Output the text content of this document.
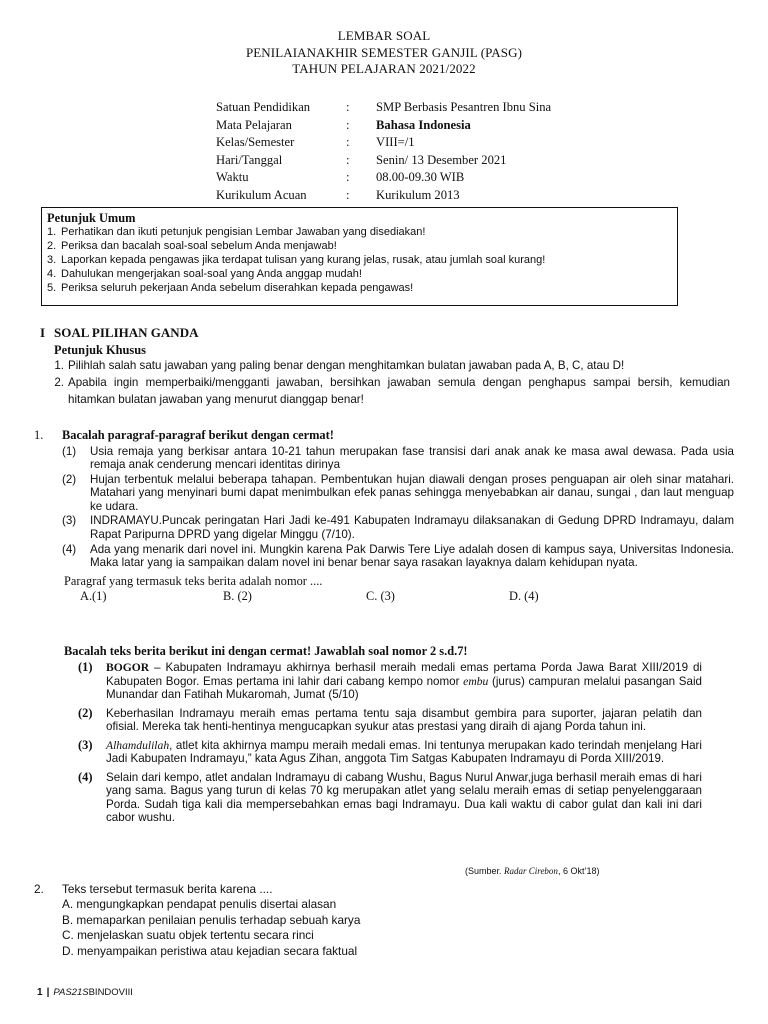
LEMBAR SOAL
PENILAIANAKHIR SEMESTER GANJIL (PASG)
TAHUN PELAJARAN 2021/2022
Satuan Pendidikan	:	SMP Berbasis Pesantren Ibnu Sina
Mata Pelajaran	:	Bahasa Indonesia
Kelas/Semester	:	VIII=/1
Hari/Tanggal	:	Senin/ 13 Desember 2021
Waktu	:	08.00-09.30 WIB
Kurikulum Acuan	:	Kurikulum 2013
Petunjuk Umum
1. Perhatikan dan ikuti petunjuk pengisian Lembar Jawaban yang disediakan!
2. Periksa dan bacalah soal-soal sebelum Anda menjawab!
3. Laporkan kepada pengawas jika terdapat tulisan yang kurang jelas, rusak, atau jumlah soal kurang!
4. Dahulukan mengerjakan soal-soal yang Anda anggap mudah!
5. Periksa seluruh pekerjaan Anda sebelum diserahkan kepada pengawas!
I SOAL PILIHAN GANDA
Petunjuk Khusus
1. Pilihlah salah satu jawaban yang paling benar dengan menghitamkan bulatan jawaban pada A, B, C, atau D!
2. Apabila ingin memperbaiki/mengganti jawaban, bersihkan jawaban semula dengan penghapus sampai bersih, kemudian hitamkan bulatan jawaban yang menurut dianggap benar!
1.	Bacalah paragraf-paragraf berikut dengan cermat!
(1)	Usia remaja yang berkisar antara 10-21 tahun merupakan fase transisi dari anak anak ke masa awal dewasa. Pada usia remaja anak cenderung mencari identitas dirinya
(2)	Hujan terbentuk melalui beberapa tahapan. Pembentukan hujan diawali dengan proses penguapan air oleh sinar matahari. Matahari yang menyinari bumi dapat menimbulkan efek panas sehingga menyebabkan air danau, sungai , dan laut menguap ke udara.
(3)	INDRAMAYU.Puncak peringatan Hari Jadi ke-491 Kabupaten Indramayu dilaksanakan di Gedung DPRD Indramayu, dalam Rapat Paripurna DPRD yang digelar Minggu (7/10).
(4)	Ada yang menarik dari novel ini. Mungkin karena Pak Darwis Tere Liye adalah dosen di kampus saya, Universitas Indonesia. Maka latar yang ia sampaikan dalam novel ini benar benar saya rasakan layaknya dalam kehidupan nyata.
Paragraf yang termasuk teks berita adalah nomor ....
A.(1)	B. (2)	C. (3)	D. (4)
Bacalah teks berita berikut ini dengan cermat! Jawablah soal nomor 2 s.d.7!
(1)	BOGOR – Kabupaten Indramayu akhirnya berhasil meraih medali emas pertama Porda Jawa Barat XIII/2019 di Kabupaten Bogor. Emas pertama ini lahir dari cabang kempo nomor embu (jurus) campuran melalui pasangan Said Munandar dan Fatihah Mukaromah, Jumat (5/10)
(2)	Keberhasilan Indramayu meraih emas pertama tentu saja disambut gembira para suporter, jajaran pelatih dan ofisial. Mereka tak henti-hentinya mengucapkan syukur atas prestasi yang diraih di ajang Porda tahun ini.
(3)	Alhamdulilah, atlet kita akhirnya mampu meraih medali emas. Ini tentunya merupakan kado terindah menjelang Hari Jadi Kabupaten Indramayu,” kata Agus Zihan, anggota Tim Satgas Kabupaten Indramayu di Porda XIII/2019.
(4)	Selain dari kempo, atlet andalan Indramayu di cabang Wushu, Bagus Nurul Anwar,juga berhasil meraih emas di hari yang sama. Bagus yang turun di kelas 70 kg merupakan atlet yang selalu meraih emas di setiap penyelenggaraan Porda. Sudah tiga kali dia mempersebahkan emas bagi Indramayu. Dua kali waktu di cabor gulat dan kali ini dari cabor wushu.
(Sumber. Radar Cirebon, 6 Okt’18)
2.	Teks tersebut termasuk berita karena ....
A. mengungkapkan pendapat penulis disertai alasan
B. memaparkan penilaian penulis terhadap sebuah karya
C. menjelaskan suatu objek tertentu secara rinci
D. menyampaikan peristiwa atau kejadian secara faktual
1 | PAS21S BINDOVIII
